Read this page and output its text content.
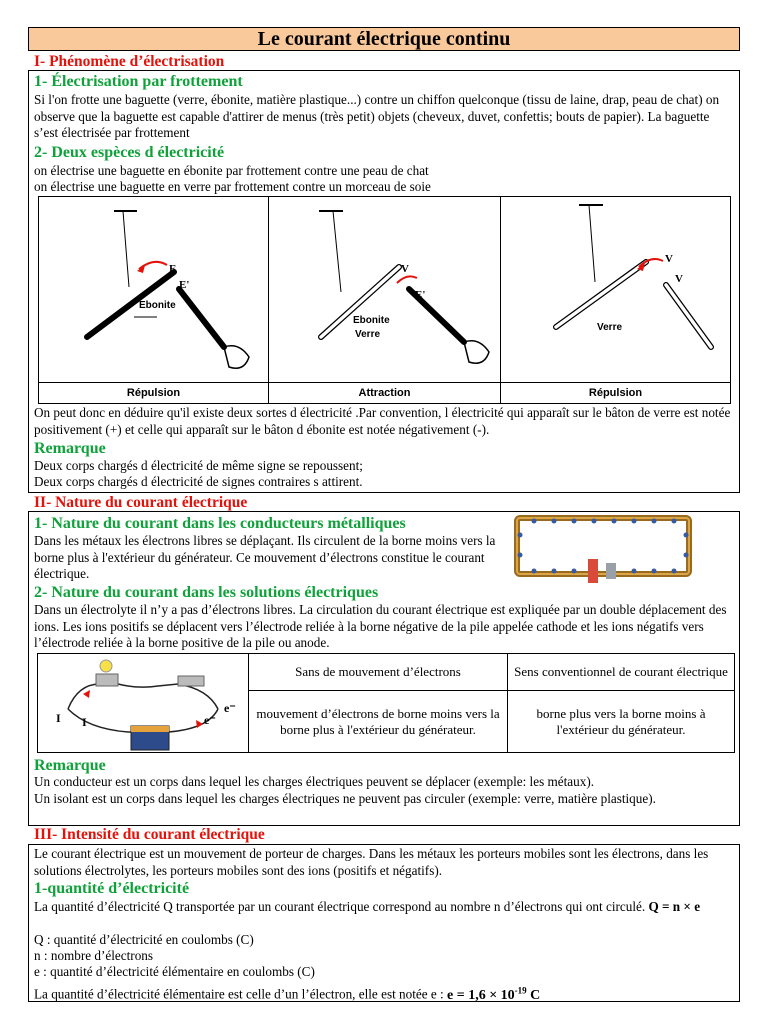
Le courant électrique continu
I- Phénomène d’électrisation
1- Électrisation par frottement
Si l'on frotte une baguette (verre, ébonite, matière plastique...) contre un chiffon quelconque (tissu de laine, drap, peau de chat) on observe que la baguette est capable d'attirer de menus (très petit) objets (cheveux, duvet, confettis; bouts de papier). La baguette s’est électrisée par frottement
2- Deux espèces d électricité
on électrise une baguette en ébonite par frottement contre une peau de chat
on électrise une baguette en verre par frottement contre un morceau de soie
E
E'
Ebonite
Répulsion
V
E'
Ebonite
Verre
Attraction
V
V
Verre
Répulsion
On peut donc en déduire qu'il existe deux sortes d électricité .Par convention, l électricité qui apparaît sur le bâton de verre est notée positivement (+) et celle qui apparaît sur le bâton d ébonite est notée négativement (-).
Remarque
Deux corps chargés d électricité de même signe se repoussent;
Deux corps chargés d électricité de signes contraires s attirent.
II- Nature du courant électrique
1- Nature du courant dans les conducteurs métalliques
Dans les métaux les électrons libres se déplaçant. Ils circulent de la borne moins vers la borne plus à l'extérieur du générateur. Ce mouvement d’électrons constitue le courant électrique.
2- Nature du courant dans les solutions électriques
Dans un électrolyte il n’y a pas d’électrons libres. La circulation du courant électrique est expliquée par un double déplacement des ions. Les ions positifs se déplacent vers l’électrode reliée à la borne négative de la pile appelée cathode et les ions négatifs vers l’électrode reliée à la borne positive de la pile ou anode.
I I
e⁻
e⁻	Sans de mouvement d’électrons	Sens conventionnel de courant électrique
	mouvement d’électrons de borne moins vers la borne plus à l'extérieur du générateur.	borne plus vers la borne moins à l'extérieur du générateur.
Remarque
Un conducteur est un corps dans lequel les charges électriques peuvent se déplacer (exemple: les métaux).
Un isolant est un corps dans lequel les charges électriques ne peuvent pas circuler (exemple: verre, matière plastique).
III- Intensité du courant électrique
Le courant électrique est un mouvement de porteur de charges. Dans les métaux les porteurs mobiles sont les électrons, dans les solutions électrolytes, les porteurs mobiles sont des ions (positifs et négatifs).
1-quantité d’électricité
La quantité d’électricité Q transportée par un courant électrique correspond au nombre n d’électrons qui ont circulé. Q = n × e
Q : quantité d’électricité en coulombs (C)
n : nombre d’électrons
e : quantité d’électricité élémentaire en coulombs (C)
La quantité d’électricité élémentaire est celle d’un l’électron, elle est notée e : $e = 1,6 \times 10^{-19}$ C
